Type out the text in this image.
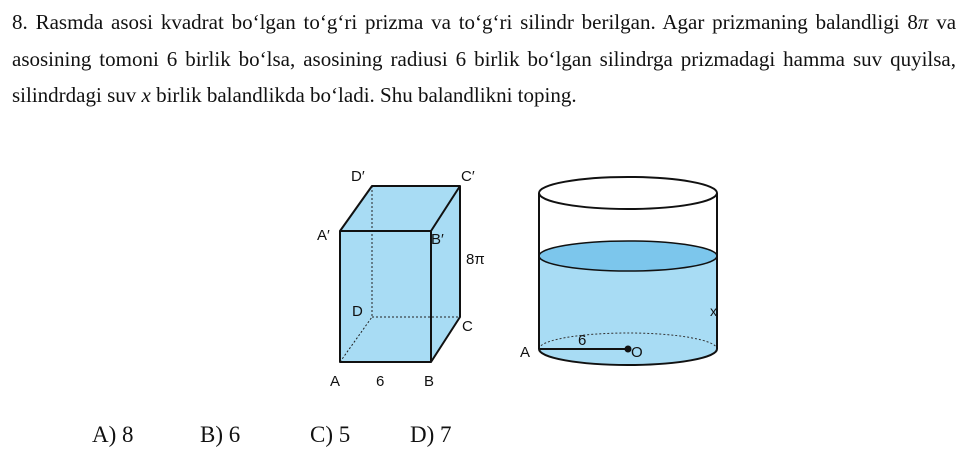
8. Rasmda asosi kvadrat bo‘lgan to‘g‘ri prizma va to‘g‘ri silindr berilgan. Agar prizmaning balandligi 8π va asosining tomoni 6 birlik bo‘lsa, asosining radiusi 6 birlik bo‘lgan silindrga prizmadagi hamma suv quyilsa, silindrdagi suv x birlik balandlikda bo‘ladi. Shu balandlikni toping.

D′	C′
A′	B′
8π
D
C
A 6	B
A
6
O
x
A) 8	B) 6	C) 5	D) 7
